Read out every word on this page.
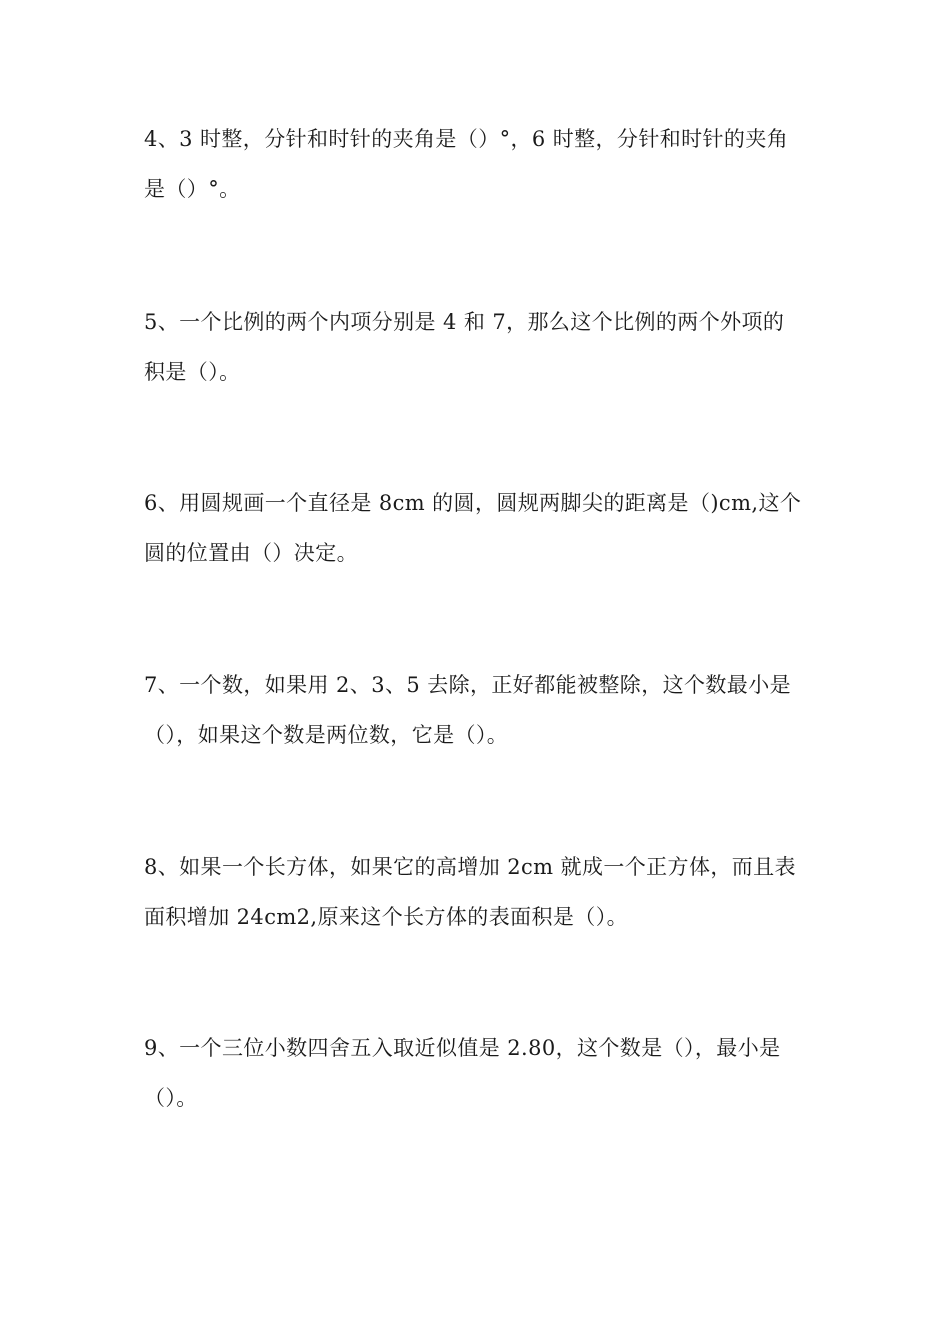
4、3 时整，分针和时针的夹角是（）°，6 时整，分针和时针的夹角
是（）°。
5、一个比例的两个内项分别是 4 和 7，那么这个比例的两个外项的
积是（）。
6、用圆规画一个直径是 8cm 的圆，圆规两脚尖的距离是（)cm,这个
圆的位置由（）决定。
7、一个数，如果用 2、3、5 去除，正好都能被整除，这个数最小是
（），如果这个数是两位数，它是（）。
8、如果一个长方体，如果它的高增加 2cm 就成一个正方体，而且表
面积增加 24cm2,原来这个长方体的表面积是（）。
9、一个三位小数四舍五入取近似值是 2.80，这个数是（），最小是
（）。
